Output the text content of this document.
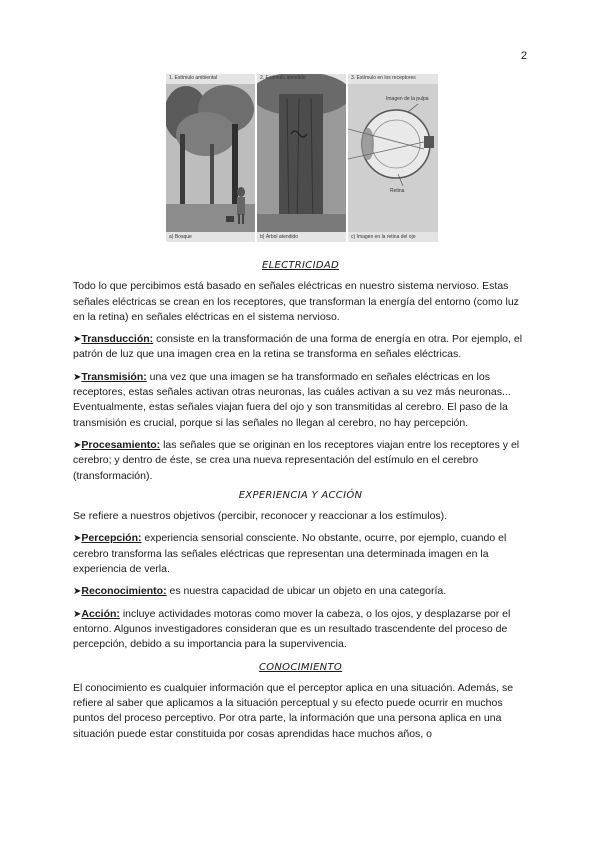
2
1. Estímulo ambiental
a) Bosque
2. Estímulo atendido
b) Árbol atendido
3. Estímulo en los receptores
Imagen de la pulpa
Retina
c) Imagen en la retina del ojo
ELECTRICIDAD

Todo lo que percibimos está basado en señales eléctricas en nuestro sistema nervioso. Estas señales eléctricas se crean en los receptores, que transforman la energía del entorno (como luz en la retina) en señales eléctricas en el sistema nervioso.

➤Transducción: consiste en la transformación de una forma de energía en otra. Por ejemplo, el patrón de luz que una imagen crea en la retina se transforma en señales eléctricas.

➤Transmisión: una vez que una imagen se ha transformado en señales eléctricas en los receptores, estas señales activan otras neuronas, las cuáles activan a su vez más neuronas... Eventualmente, estas señales viajan fuera del ojo y son transmitidas al cerebro. El paso de la transmisión es crucial, porque si las señales no llegan al cerebro, no hay percepción.

➤Procesamiento: las señales que se originan en los receptores viajan entre los receptores y el cerebro; y dentro de éste, se crea una nueva representación del estímulo en el cerebro (transformación).

EXPERIENCIA Y ACCIÓN

Se refiere a nuestros objetivos (percibir, reconocer y reaccionar a los estímulos).

➤Percepción: experiencia sensorial consciente. No obstante, ocurre, por ejemplo, cuando el cerebro transforma las señales eléctricas que representan una determinada imagen en la experiencia de verla.

➤Reconocimiento: es nuestra capacidad de ubicar un objeto en una categoría.

➤Acción: incluye actividades motoras como mover la cabeza, o los ojos, y desplazarse por el entorno. Algunos investigadores consideran que es un resultado trascendente del proceso de percepción, debido a su importancia para la supervivencia.

CONOCIMIENTO

El conocimiento es cualquier información que el perceptor aplica en una situación. Además, se refiere al saber que aplicamos a la situación perceptual y su efecto puede ocurrir en muchos puntos del proceso perceptivo. Por otra parte, la información que una persona aplica en una situación puede estar constituida por cosas aprendidas hace muchos años, o
